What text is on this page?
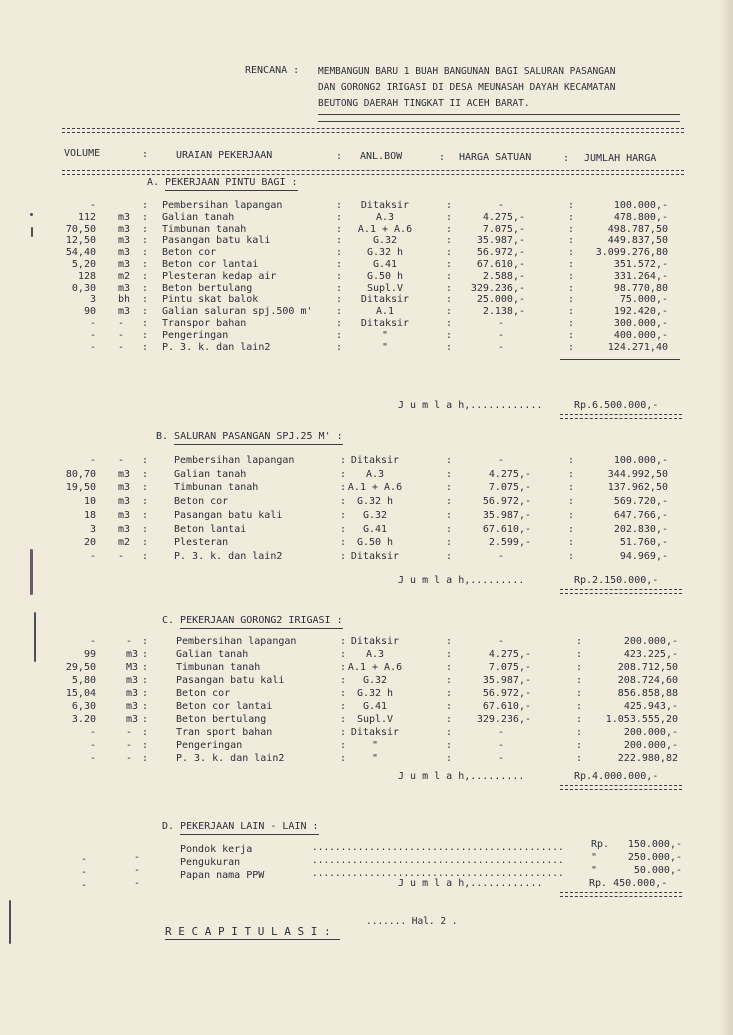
RENCANA : MEMBANGUN BARU 1 BUAH BANGUNAN BAGI SALURAN PASANGAN
DAN GORONG2 IRIGASI DI DESA MEUNASAH DAYAH KECAMATAN
BEUTONG DAERAH TINGKAT II ACEH BARAT.
VOLUME	:	URAIAN PEKERJAAN	: ANL.BOW	: HARGA SATUAN	: JUMLAH HARGA
A. PEKERJAAN PINTU BAGI :
-	: Pembersihan lapangan	:	Ditaksir	:	-	:	100.000,-
112 m3 : Galian tanah	:	A.3	:	4.275,-	:	478.800,-
70,50 m3 : Timbunan tanah	:	A.1 + A.6	:	7.075,-	:	498.787,50
12,50 m3 : Pasangan batu kali	:	G.32	: 35.987,-	:	449.837,50
54,40 m3 : Beton cor	:	G.32 h	: 56.972,-	: 3.099.276,80
5,20 m3 : Beton cor lantai	:	G.41	: 67.610,-	:	351.572,-
128 m2 : Plesteran kedap air	:	G.50 h	:	2.588,-	:	331.264,-
0,30 m3 : Beton bertulang	:	Supl.V	: 329.236,-	:	98.770,80
3 bh : Pintu skat balok	:	Ditaksir	: 25.000,-	:	75.000,-
90 m3 : Galian saluran spj.500 m' :	A.1	:	2.138,-	:	192.420,-
- - : Transpor bahan	:	Ditaksir	:	-	:	300.000,-
- - : Pengeringan	:	"	:	-	:	400.000,-
- - : P. 3. k. dan lain2	:	"	:	-	:	124.271,40
J u m l a h,............	Rp.6.500.000,-
B. SALURAN PASANGAN SPJ.25 M' :
- - :	Pembersihan lapangan	: Ditaksir	:	-	:	100.000,-
80,70 m3 :	Galian tanah	:	A.3	:	4.275,-	:	344.992,50
19,50 m3 :	Timbunan tanah	: A.1 + A.6	:	7.075,-	:	137.962,50
10 m3 :	Beton cor	:	G.32 h	:	56.972,-	:	569.720,-
18 m3 :	Pasangan batu kali	:	G.32	:	35.987,-	:	647.766,-
3 m3 :	Beton lantai	:	G.41	:	67.610,-	:	202.830,-
20 m2 :	Plesteran	:	G.50 h	:	2.599,-	:	51.760,-
- - :	P. 3. k. dan lain2	: Ditaksir	:	-	:	94.969,-
J u m l a h,.........	Rp.2.150.000,-
C. PEKERJAAN GORONG2 IRIGASI :
-	- :	Pembersihan lapangan	: Ditaksir	:	-	:	200.000,-
99	m3 :	Galian tanah	:	A.3	:	4.275,-	:	423.225,-
29,50	M3 :	Timbunan tanah	: A.1 + A.6	:	7.075,-	:	208.712,50
5,80	m3 :	Pasangan batu kali	:	G.32	:	35.987,-	:	208.724,60
15,04	m3 :	Beton cor	:	G.32 h	:	56.972,-	:	856.858,88
6,30	m3 :	Beton cor lantai	:	G.41	:	67.610,-	:	425.943,-
3.20	m3 :	Beton bertulang	:	Supl.V	: 329.236,-	: 1.053.555,20
-	- :	Tran sport bahan	: Ditaksir	:	-	:	200.000,-
-	- :	Pengeringan	:	"	:	-	:	200.000,-
-	- :	P. 3. k. dan lain2	:	"	:	-	:	222.980,82
J u m l a h,.........	Rp.4.000.000,-
D. PEKERJAAN LAIN - LAIN :
-	-
Pondok kerja	............................................	Rp. 150.000,-
-	-
Pengukuran	............................................	"	250.000,-
-	-
Papan nama PPW	............................................	"	50.000,-
J u m l a h,............	Rp. 450.000,-
R E C A P I T U L A S I :
....... Hal. 2 .
